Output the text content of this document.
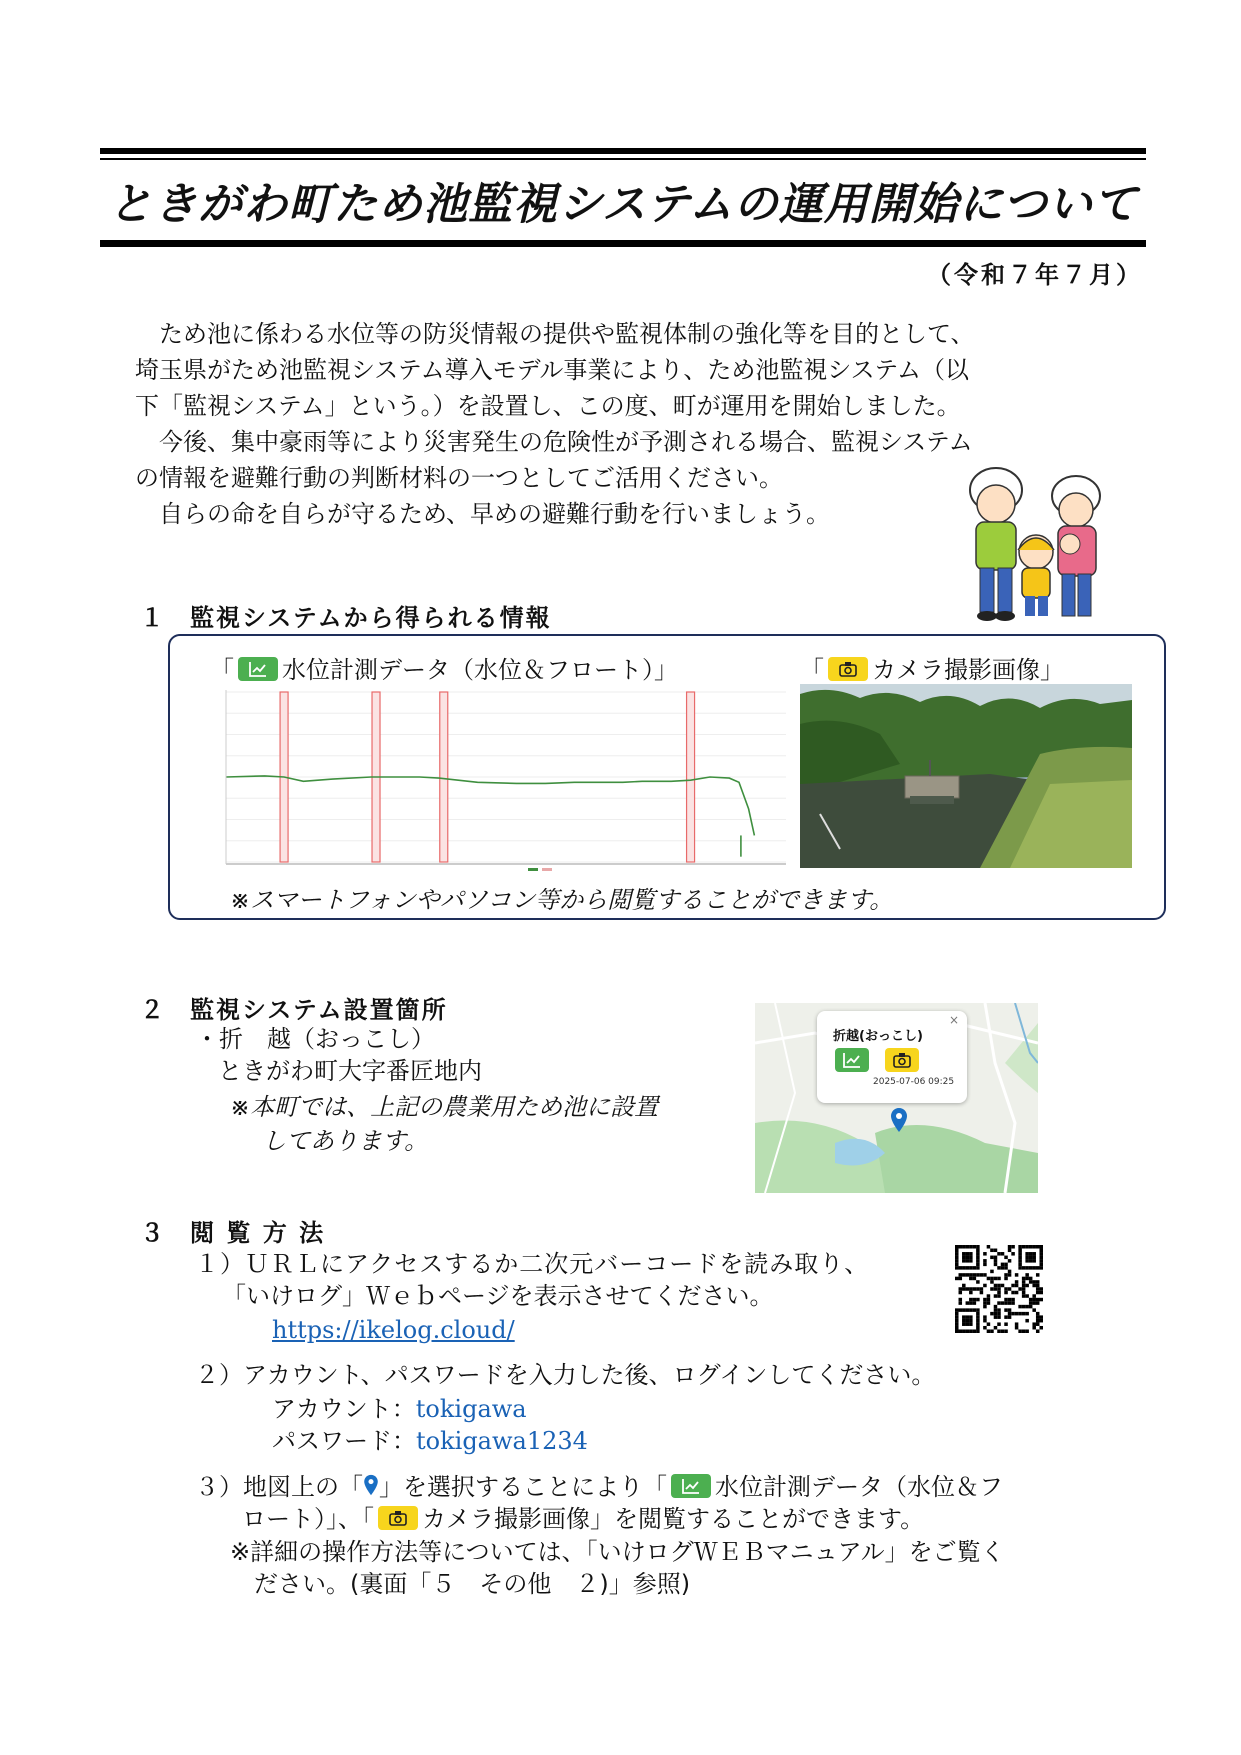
ときがわ町ため池監視システムの運用開始について
（令和７年７月）

　ため池に係わる水位等の防災情報の提供や監視体制の強化等を目的として、

埼玉県がため池監視システム導入モデル事業により、ため池監視システム（以

下「監視システム」という。）を設置し、この度、町が運用を開始しました。

　今後、集中豪雨等により災害発生の危険性が予測される場合、監視システム

の情報を避難行動の判断材料の一つとしてご活用ください。

　自らの命を自らが守るため、早めの避難行動を行いましょう。

１ 監視システムから得られる情報
「 水位計測データ（水位＆フロート）」	「 カメラ撮影画像」
※スマートフォンやパソコン等から閲覧することができます。
２ 監視システム設置箇所
・折　越（おっこし）
ときがわ町大字番匠地内
※本町では、上記の農業用ため池に設置
してあります。
折越(おっこし)
×
2025-07-06 09:25
３ 閲 覧 方 法
１）ＵＲＬにアクセスするか二次元バーコードを読み取り、
「いけログ」Ｗｅｂページを表示させてください。
https://ikelog.cloud/
２）アカウント、パスワードを入力した後、ログインしてください。
アカウント：tokigawa
パスワード：tokigawa1234
３）地図上の「 」を選択することにより「 水位計測データ（水位＆フ
ロート）」、「 カメラ撮影画像」を閲覧することができます。
※詳細の操作方法等については、「いけログＷＥＢマニュアル」をご覧く
ださい。(裏面「５　その他　２)」参照)
